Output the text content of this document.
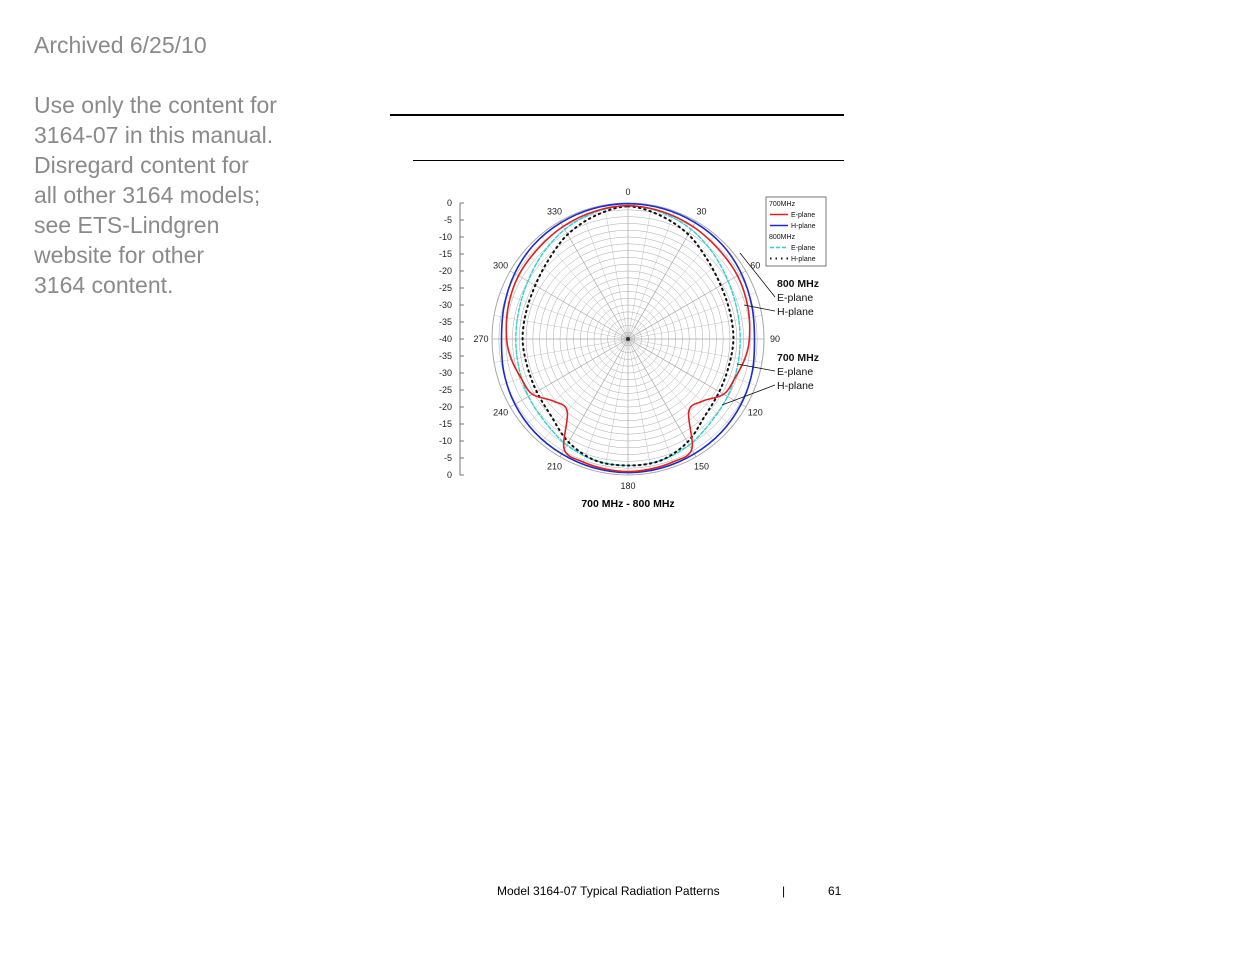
Archived 6/25/10
Use only the content for
3164-07 in this manual.
Disregard content for
all other 3164 models;
see ETS-Lindgren
website for other
3164 content.
0
-5
-10
-15
-20
-25
-30
-35
-40
-35
-30
-25
-20
-15
-10
-5
0
0
30
60
90
120
150
180
210
240
270
300
330
700MHz
E-plane
H-plane
800MHz
E-plane
H-plane
800 MHz
E-plane
H-plane
700 MHz
E-plane
H-plane
700 MHz - 800 MHz
Model 3164-07 Typical Radiation Patterns	|	61
